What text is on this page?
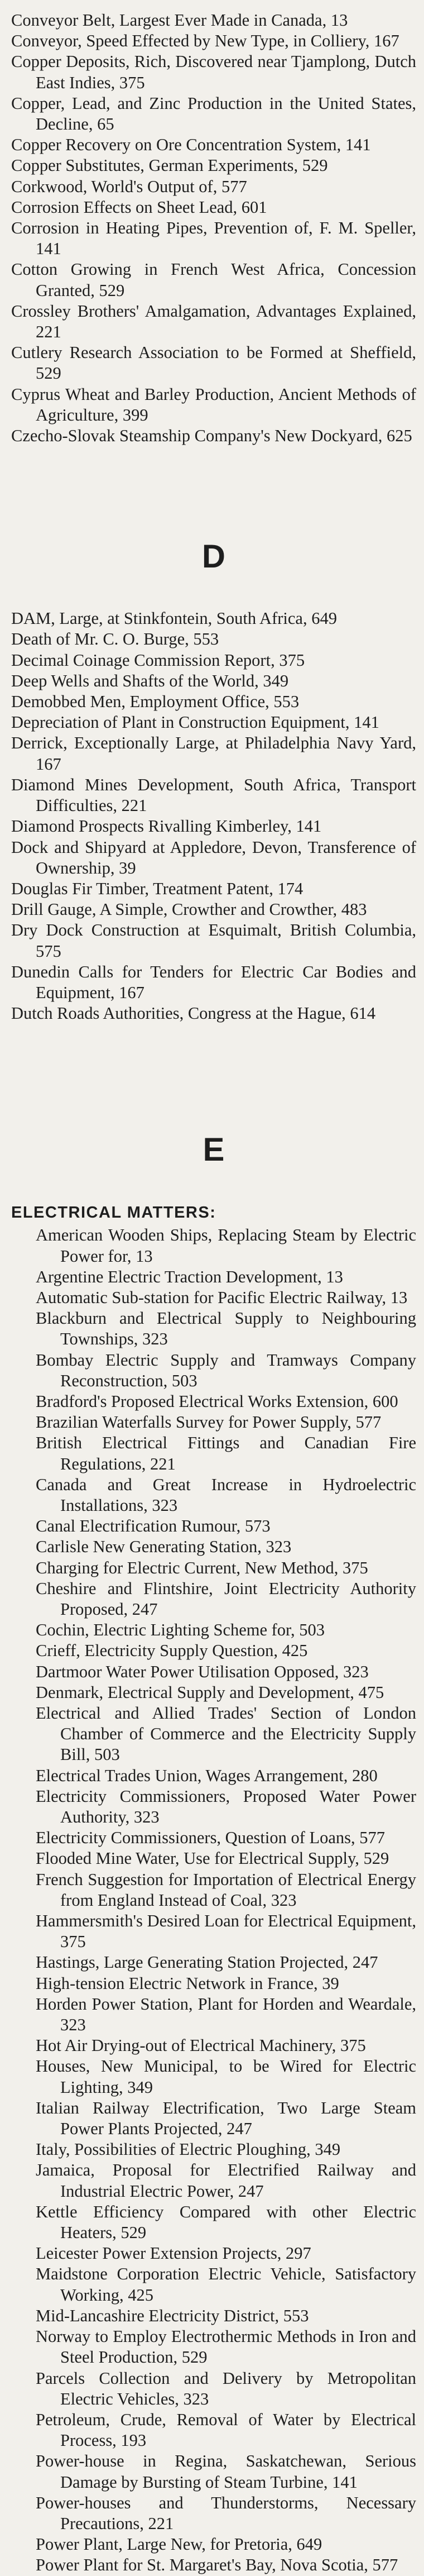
Conveyor Belt, Largest Ever Made in Canada, 13
Conveyor, Speed Effected by New Type, in Colliery, 167
Copper Deposits, Rich, Discovered near Tjamplong, Dutch East Indies, 375
Copper, Lead, and Zinc Production in the United States, Decline, 65
Copper Recovery on Ore Concentration System, 141
Copper Substitutes, German Experiments, 529
Corkwood, World's Output of, 577
Corrosion Effects on Sheet Lead, 601
Corrosion in Heating Pipes, Prevention of, F. M. Speller, 141
Cotton Growing in French West Africa, Concession Granted, 529
Crossley Brothers' Amalgamation, Advantages Explained, 221
Cutlery Research Association to be Formed at Sheffield, 529
Cyprus Wheat and Barley Production, Ancient Methods of Agriculture, 399
Czecho-Slovak Steamship Company's New Dockyard, 625
D
DAM, Large, at Stinkfontein, South Africa, 649
Death of Mr. C. O. Burge, 553
Decimal Coinage Commission Report, 375
Deep Wells and Shafts of the World, 349
Demobbed Men, Employment Office, 553
Depreciation of Plant in Construction Equipment, 141
Derrick, Exceptionally Large, at Philadelphia Navy Yard, 167
Diamond Mines Development, South Africa, Transport Difficulties, 221
Diamond Prospects Rivalling Kimberley, 141
Dock and Shipyard at Appledore, Devon, Transference of Ownership, 39
Douglas Fir Timber, Treatment Patent, 174
Drill Gauge, A Simple, Crowther and Crowther, 483
Dry Dock Construction at Esquimalt, British Columbia, 575
Dunedin Calls for Tenders for Electric Car Bodies and Equipment, 167
Dutch Roads Authorities, Congress at the Hague, 614
E
ELECTRICAL MATTERS:
American Wooden Ships, Replacing Steam by Electric Power for, 13
Argentine Electric Traction Development, 13
Automatic Sub-station for Pacific Electric Railway, 13
Blackburn and Electrical Supply to Neighbouring Townships, 323
Bombay Electric Supply and Tramways Company Reconstruction, 503
Bradford's Proposed Electrical Works Extension, 600
Brazilian Waterfalls Survey for Power Supply, 577
British Electrical Fittings and Canadian Fire Regulations, 221
Canada and Great Increase in Hydroelectric Installations, 323
Canal Electrification Rumour, 573
Carlisle New Generating Station, 323
Charging for Electric Current, New Method, 375
Cheshire and Flintshire, Joint Electricity Authority Proposed, 247
Cochin, Electric Lighting Scheme for, 503
Crieff, Electricity Supply Question, 425
Dartmoor Water Power Utilisation Opposed, 323
Denmark, Electrical Supply and Development, 475
Electrical and Allied Trades' Section of London Chamber of Commerce and the Electricity Supply Bill, 503
Electrical Trades Union, Wages Arrangement, 280
Electricity Commissioners, Proposed Water Power Authority, 323
Electricity Commissioners, Question of Loans, 577
Flooded Mine Water, Use for Electrical Supply, 529
French Suggestion for Importation of Electrical Energy from England Instead of Coal, 323
Hammersmith's Desired Loan for Electrical Equipment, 375
Hastings, Large Generating Station Projected, 247
High-tension Electric Network in France, 39
Horden Power Station, Plant for Horden and Weardale, 323
Hot Air Drying-out of Electrical Machinery, 375
Houses, New Municipal, to be Wired for Electric Lighting, 349
Italian Railway Electrification, Two Large Steam Power Plants Projected, 247
Italy, Possibilities of Electric Ploughing, 349
Jamaica, Proposal for Electrified Railway and Industrial Electric Power, 247
Kettle Efficiency Compared with other Electric Heaters, 529
Leicester Power Extension Projects, 297
Maidstone Corporation Electric Vehicle, Satisfactory Working, 425
Mid-Lancashire Electricity District, 553
Norway to Employ Electrothermic Methods in Iron and Steel Production, 529
Parcels Collection and Delivery by Metropolitan Electric Vehicles, 323
Petroleum, Crude, Removal of Water by Electrical Process, 193
Power-house in Regina, Saskatchewan, Serious Damage by Bursting of Steam Turbine, 141
Power-houses and Thunderstorms, Necessary Precautions, 221
Power Plant, Large New, for Pretoria, 649
Power Plant for St. Margaret's Bay, Nova Scotia, 577
